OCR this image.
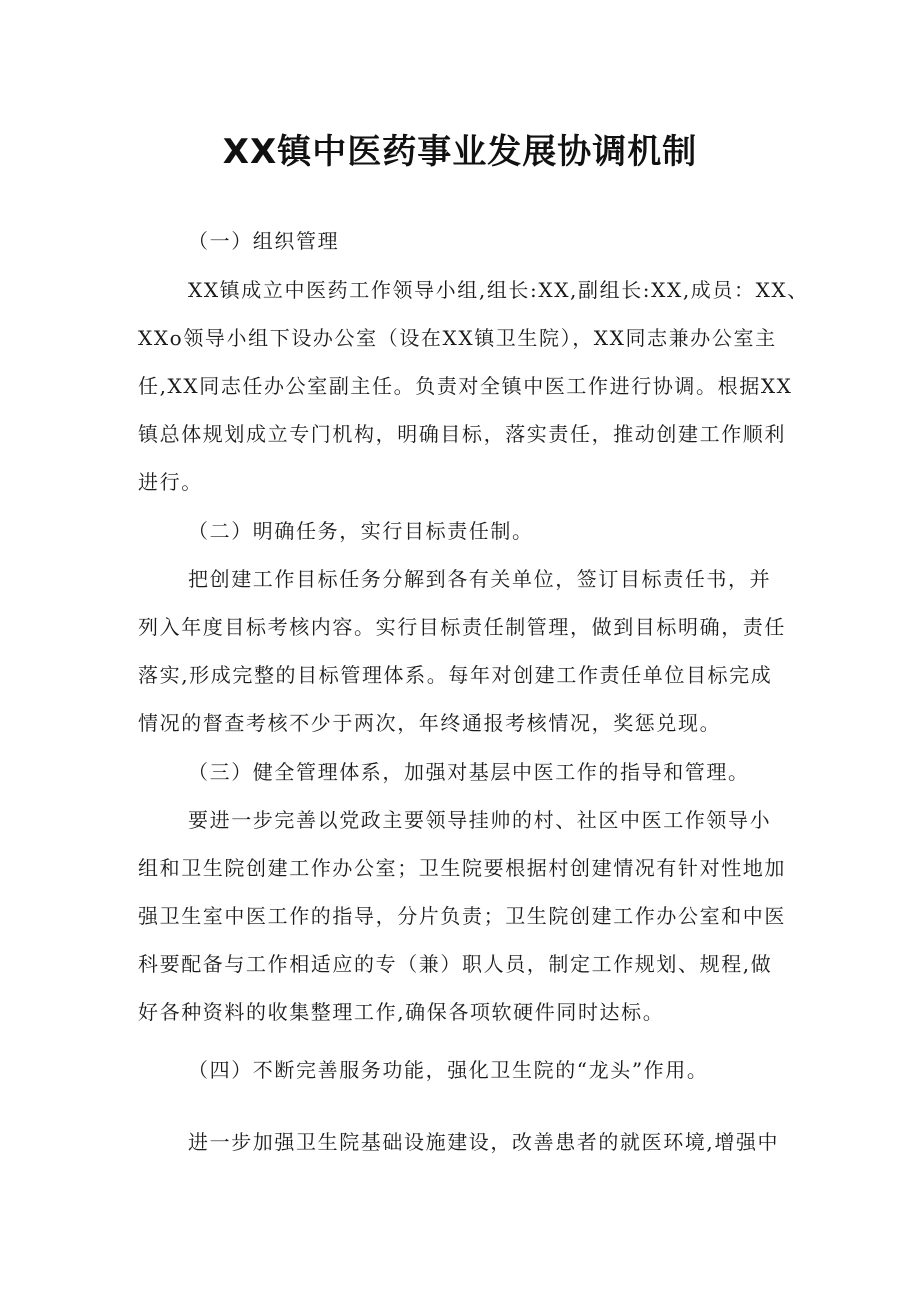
XX镇中医药事业发展协调机制
（一）组织管理
XX镇成立中医药工作领导小组,组长:XX,副组长:XX,成员：XX、
XXo领导小组下设办公室（设在XX镇卫生院），XX同志兼办公室主
任,XX同志任办公室副主任。负责对全镇中医工作进行协调。根据XX
镇总体规划成立专门机构，明确目标，落实责任，推动创建工作顺利
进行。
（二）明确任务，实行目标责任制。
把创建工作目标任务分解到各有关单位，签订目标责任书，并
列入年度目标考核内容。实行目标责任制管理，做到目标明确，责任
落实,形成完整的目标管理体系。每年对创建工作责任单位目标完成
情况的督查考核不少于两次，年终通报考核情况，奖惩兑现。
（三）健全管理体系，加强对基层中医工作的指导和管理。
要进一步完善以党政主要领导挂帅的村、社区中医工作领导小
组和卫生院创建工作办公室；卫生院要根据村创建情况有针对性地加
强卫生室中医工作的指导，分片负责；卫生院创建工作办公室和中医
科要配备与工作相适应的专（兼）职人员，制定工作规划、规程,做
好各种资料的收集整理工作,确保各项软硬件同时达标。
（四）不断完善服务功能，强化卫生院的“龙头”作用。
进一步加强卫生院基础设施建设，改善患者的就医环境,增强中
